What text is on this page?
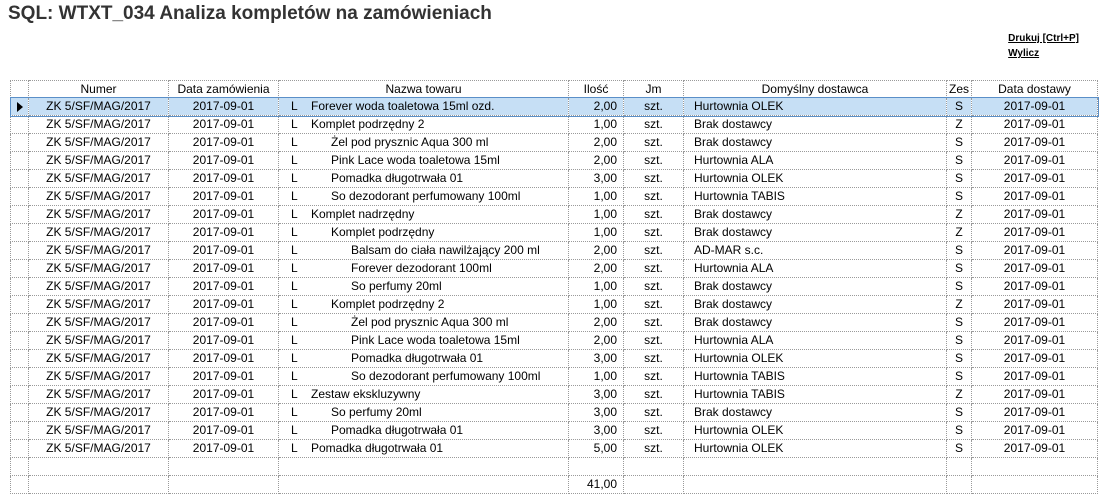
SQL: WTXT_034 Analiza kompletów na zamówieniach
Drukuj [Ctrl+P]
Wylicz
	Numer	Data zamówienia	Nazwa towaru	Ilość	Jm	Domyślny dostawca	Zes	Data dostawy
	ZK 5/SF/MAG/2017	2017-09-01	L Forever woda toaletowa 15ml ozd.	2,00	szt.	Hurtownia OLEK	S	2017-09-01
	ZK 5/SF/MAG/2017	2017-09-01	L Komplet podrzędny 2	1,00	szt.	Brak dostawcy	Z	2017-09-01
	ZK 5/SF/MAG/2017	2017-09-01	L Żel pod prysznic Aqua 300 ml	2,00	szt.	Brak dostawcy	S	2017-09-01
	ZK 5/SF/MAG/2017	2017-09-01	L Pink Lace woda toaletowa 15ml	2,00	szt.	Hurtownia ALA	S	2017-09-01
	ZK 5/SF/MAG/2017	2017-09-01	L Pomadka długotrwała 01	3,00	szt.	Hurtownia OLEK	S	2017-09-01
	ZK 5/SF/MAG/2017	2017-09-01	L So dezodorant perfumowany 100ml	1,00	szt.	Hurtownia TABIS	S	2017-09-01
	ZK 5/SF/MAG/2017	2017-09-01	L Komplet nadrzędny	1,00	szt.	Brak dostawcy	Z	2017-09-01
	ZK 5/SF/MAG/2017	2017-09-01	L Komplet podrzędny	1,00	szt.	Brak dostawcy	Z	2017-09-01
	ZK 5/SF/MAG/2017	2017-09-01	L Balsam do ciała nawilżający 200 ml	2,00	szt.	AD-MAR s.c.	S	2017-09-01
	ZK 5/SF/MAG/2017	2017-09-01	L Forever dezodorant 100ml	2,00	szt.	Hurtownia ALA	S	2017-09-01
	ZK 5/SF/MAG/2017	2017-09-01	L So perfumy 20ml	1,00	szt.	Brak dostawcy	S	2017-09-01
	ZK 5/SF/MAG/2017	2017-09-01	L Komplet podrzędny 2	1,00	szt.	Brak dostawcy	Z	2017-09-01
	ZK 5/SF/MAG/2017	2017-09-01	L Żel pod prysznic Aqua 300 ml	2,00	szt.	Brak dostawcy	S	2017-09-01
	ZK 5/SF/MAG/2017	2017-09-01	L Pink Lace woda toaletowa 15ml	2,00	szt.	Hurtownia ALA	S	2017-09-01
	ZK 5/SF/MAG/2017	2017-09-01	L Pomadka długotrwała 01	3,00	szt.	Hurtownia OLEK	S	2017-09-01
	ZK 5/SF/MAG/2017	2017-09-01	L So dezodorant perfumowany 100ml	1,00	szt.	Hurtownia TABIS	S	2017-09-01
	ZK 5/SF/MAG/2017	2017-09-01	L Zestaw ekskluzywny	3,00	szt.	Hurtownia TABIS	Z	2017-09-01
	ZK 5/SF/MAG/2017	2017-09-01	L So perfumy 20ml	3,00	szt.	Brak dostawcy	S	2017-09-01
	ZK 5/SF/MAG/2017	2017-09-01	L Pomadka długotrwała 01	3,00	szt.	Hurtownia OLEK	S	2017-09-01
	ZK 5/SF/MAG/2017	2017-09-01	L Pomadka długotrwała 01	5,00	szt.	Hurtownia OLEK	S	2017-09-01

				41,00				
